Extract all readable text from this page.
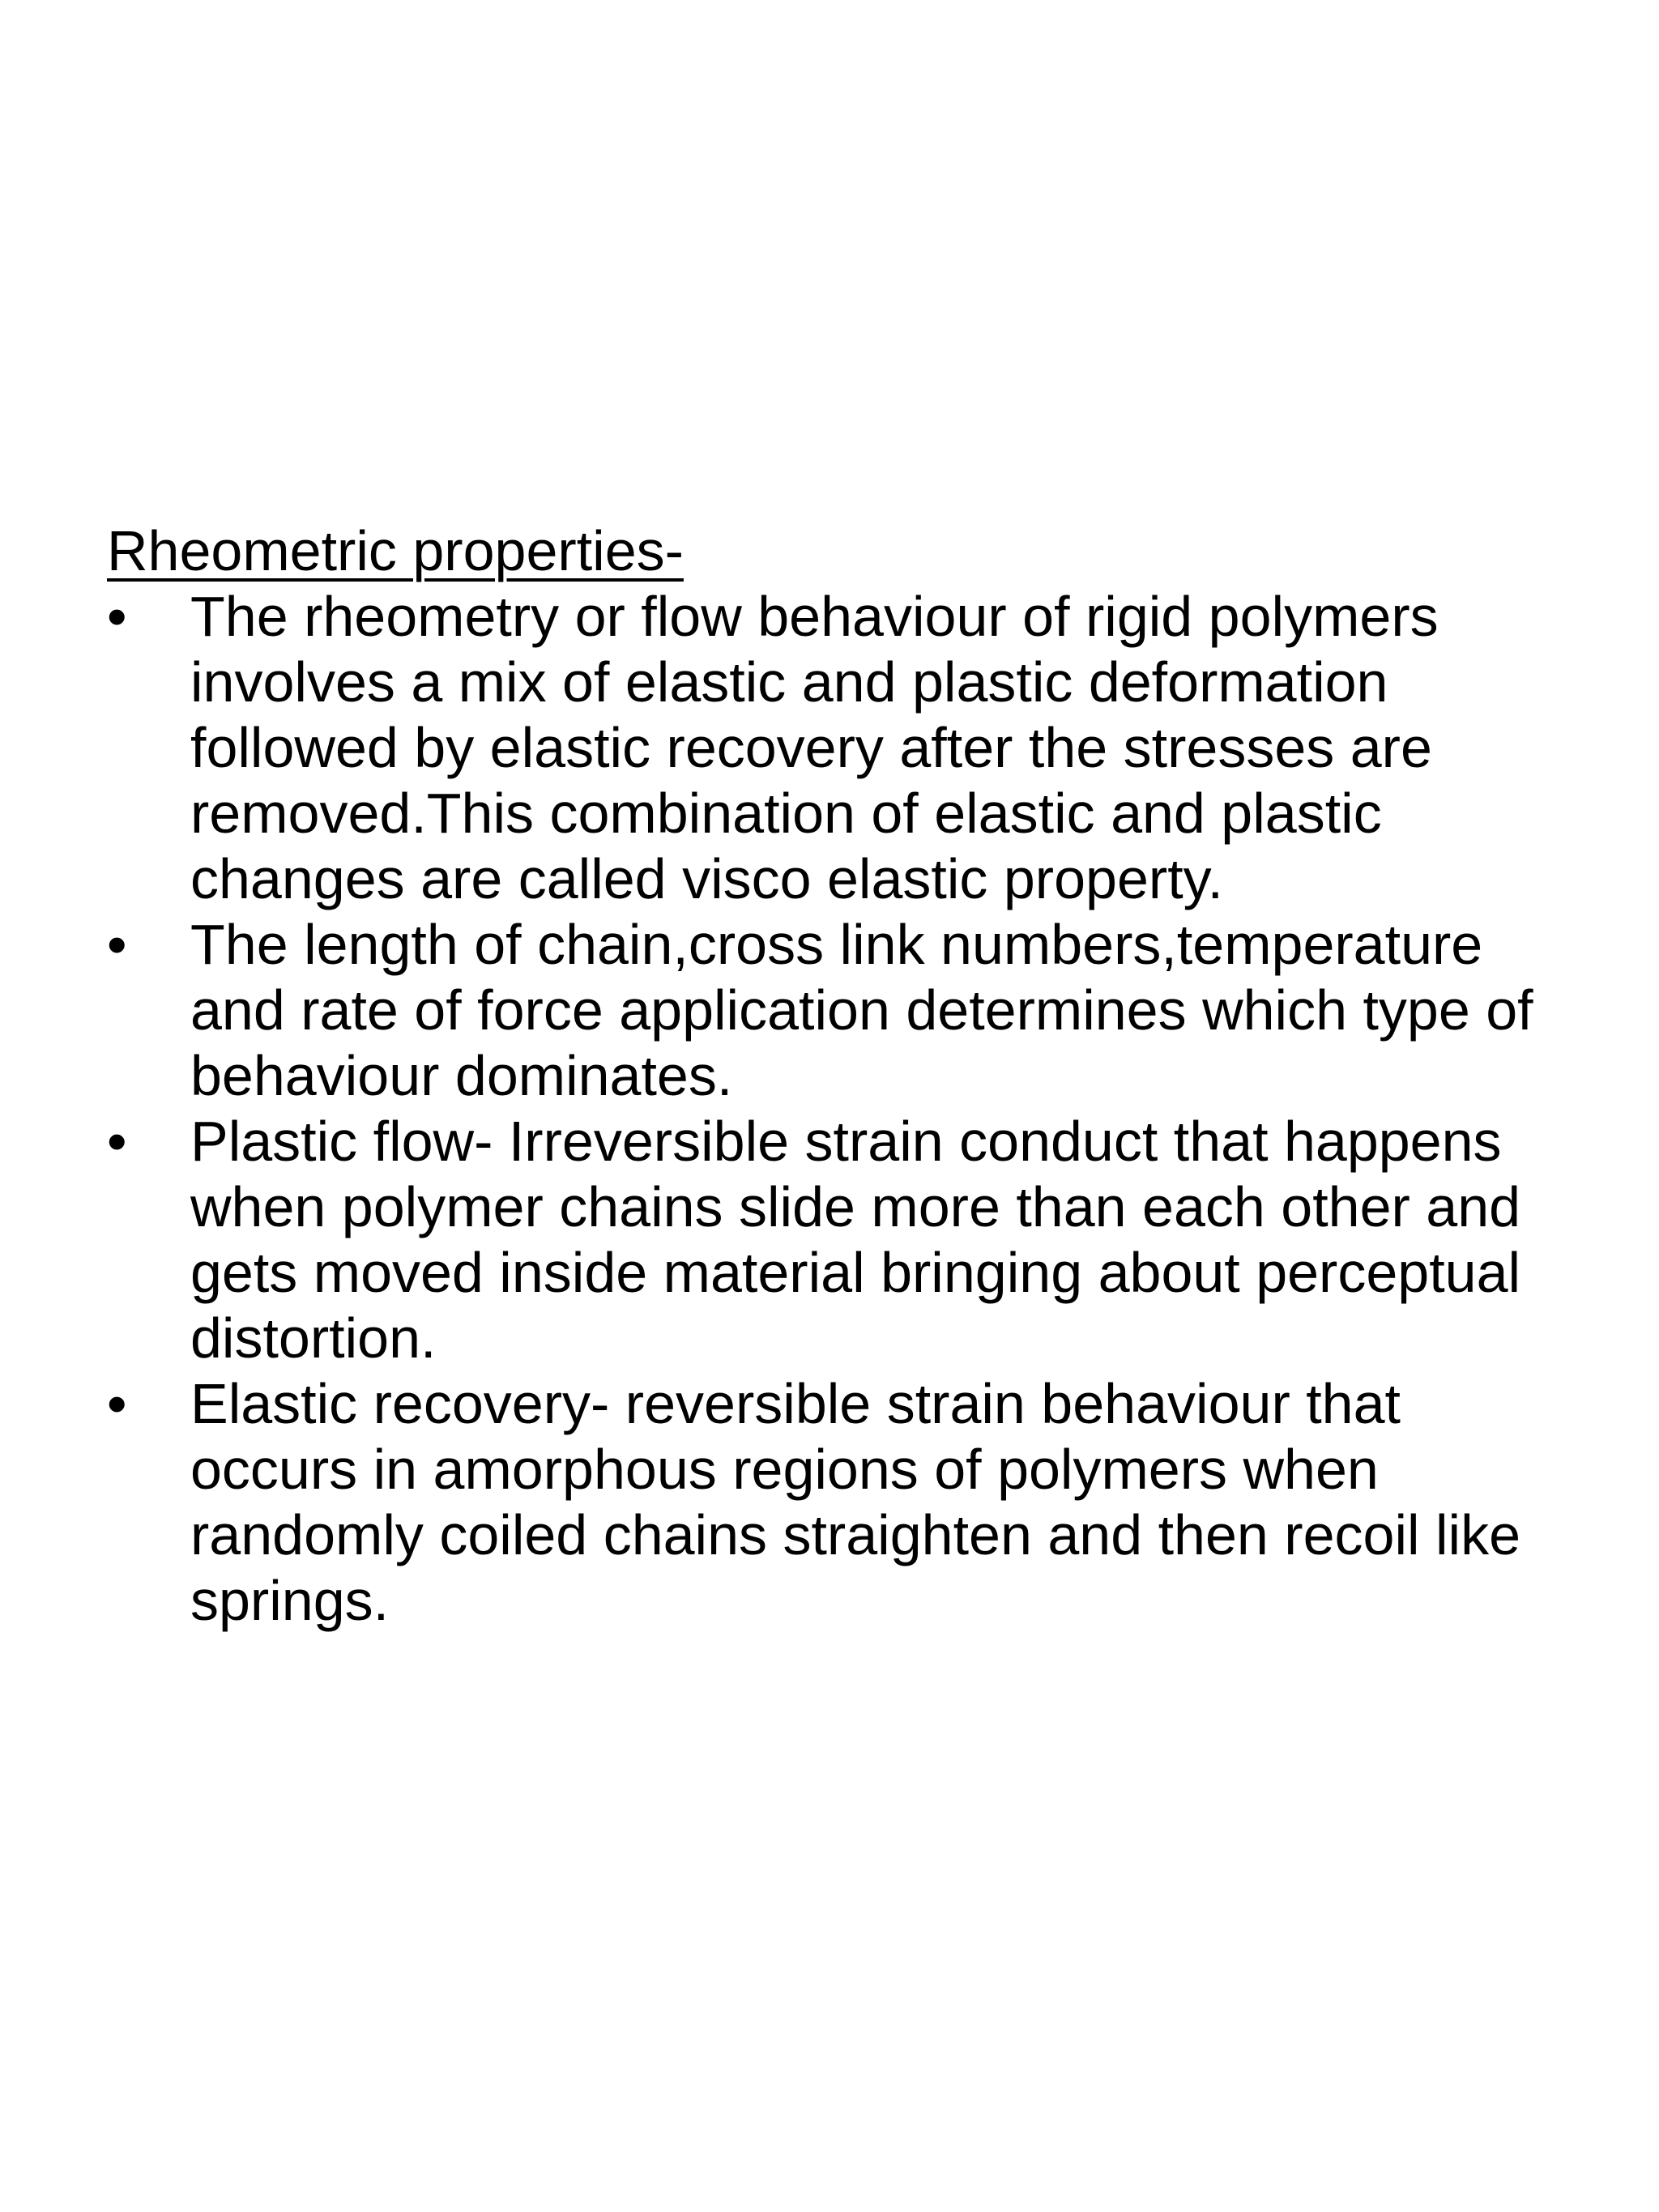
Rheometric properties-
•	The rheometry or flow behaviour of rigid polymers involves a mix of elastic and plastic deformation followed by elastic recovery after the stresses are removed.This combination of elastic and plastic changes are called visco elastic property.
•	The length of chain,cross link numbers,temperature and rate of force application determines which type of behaviour dominates.
•	Plastic flow- Irreversible strain conduct that happens when polymer chains slide more than each other and gets moved inside material bringing about perceptual distortion.
•	Elastic recovery- reversible strain behaviour that occurs in amorphous regions of polymers when randomly coiled chains straighten and then recoil like springs.
